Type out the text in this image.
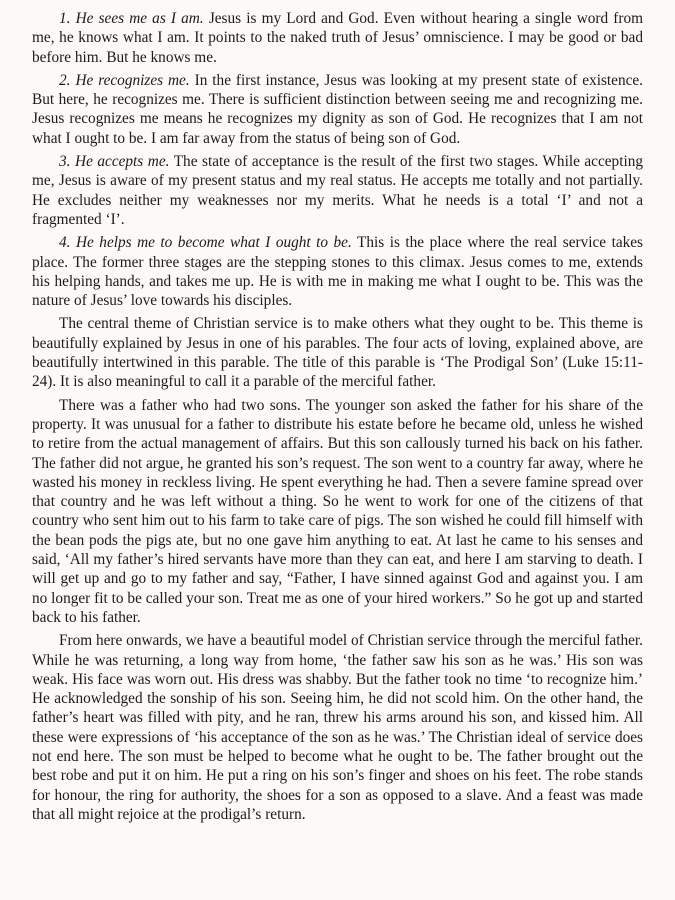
1. He sees me as I am. Jesus is my Lord and God. Even without hearing a single word from me, he knows what I am. It points to the naked truth of Jesus’ omniscience. I may be good or bad before him. But he knows me.

2. He recognizes me. In the first instance, Jesus was looking at my present state of existence. But here, he recognizes me. There is sufficient distinction between seeing me and recognizing me. Jesus recognizes me means he recognizes my dignity as son of God. He recognizes that I am not what I ought to be. I am far away from the status of being son of God.

3. He accepts me. The state of acceptance is the result of the first two stages. While accepting me, Jesus is aware of my present status and my real status. He accepts me totally and not partially. He excludes neither my weaknesses nor my merits. What he needs is a total ‘I’ and not a fragmented ‘I’.

4. He helps me to become what I ought to be. This is the place where the real service takes place. The former three stages are the stepping stones to this climax. Jesus comes to me, extends his helping hands, and takes me up. He is with me in making me what I ought to be. This was the nature of Jesus’ love towards his disciples.

The central theme of Christian service is to make others what they ought to be. This theme is beautifully explained by Jesus in one of his parables. The four acts of loving, explained above, are beautifully intertwined in this parable. The title of this parable is ‘The Prodigal Son’ (Luke 15:11-24). It is also meaningful to call it a parable of the merciful father.

There was a father who had two sons. The younger son asked the father for his share of the property. It was unusual for a father to distribute his estate before he became old, unless he wished to retire from the actual management of affairs. But this son callously turned his back on his father. The father did not argue, he granted his son’s request. The son went to a country far away, where he wasted his money in reckless living. He spent everything he had. Then a severe famine spread over that country and he was left without a thing. So he went to work for one of the citizens of that country who sent him out to his farm to take care of pigs. The son wished he could fill himself with the bean pods the pigs ate, but no one gave him anything to eat. At last he came to his senses and said, ‘All my father’s hired servants have more than they can eat, and here I am starving to death. I will get up and go to my father and say, “Father, I have sinned against God and against you. I am no longer fit to be called your son. Treat me as one of your hired workers.” So he got up and started back to his father.

From here onwards, we have a beautiful model of Christian service through the merciful father. While he was returning, a long way from home, ‘the father saw his son as he was.’ His son was weak. His face was worn out. His dress was shabby. But the father took no time ‘to recognize him.’ He acknowledged the sonship of his son. Seeing him, he did not scold him. On the other hand, the father’s heart was filled with pity, and he ran, threw his arms around his son, and kissed him. All these were expressions of ‘his acceptance of the son as he was.’ The Christian ideal of service does not end here. The son must be helped to become what he ought to be. The father brought out the best robe and put it on him. He put a ring on his son’s finger and shoes on his feet. The robe stands for honour, the ring for authority, the shoes for a son as opposed to a slave. And a feast was made that all might rejoice at the prodigal’s return.
